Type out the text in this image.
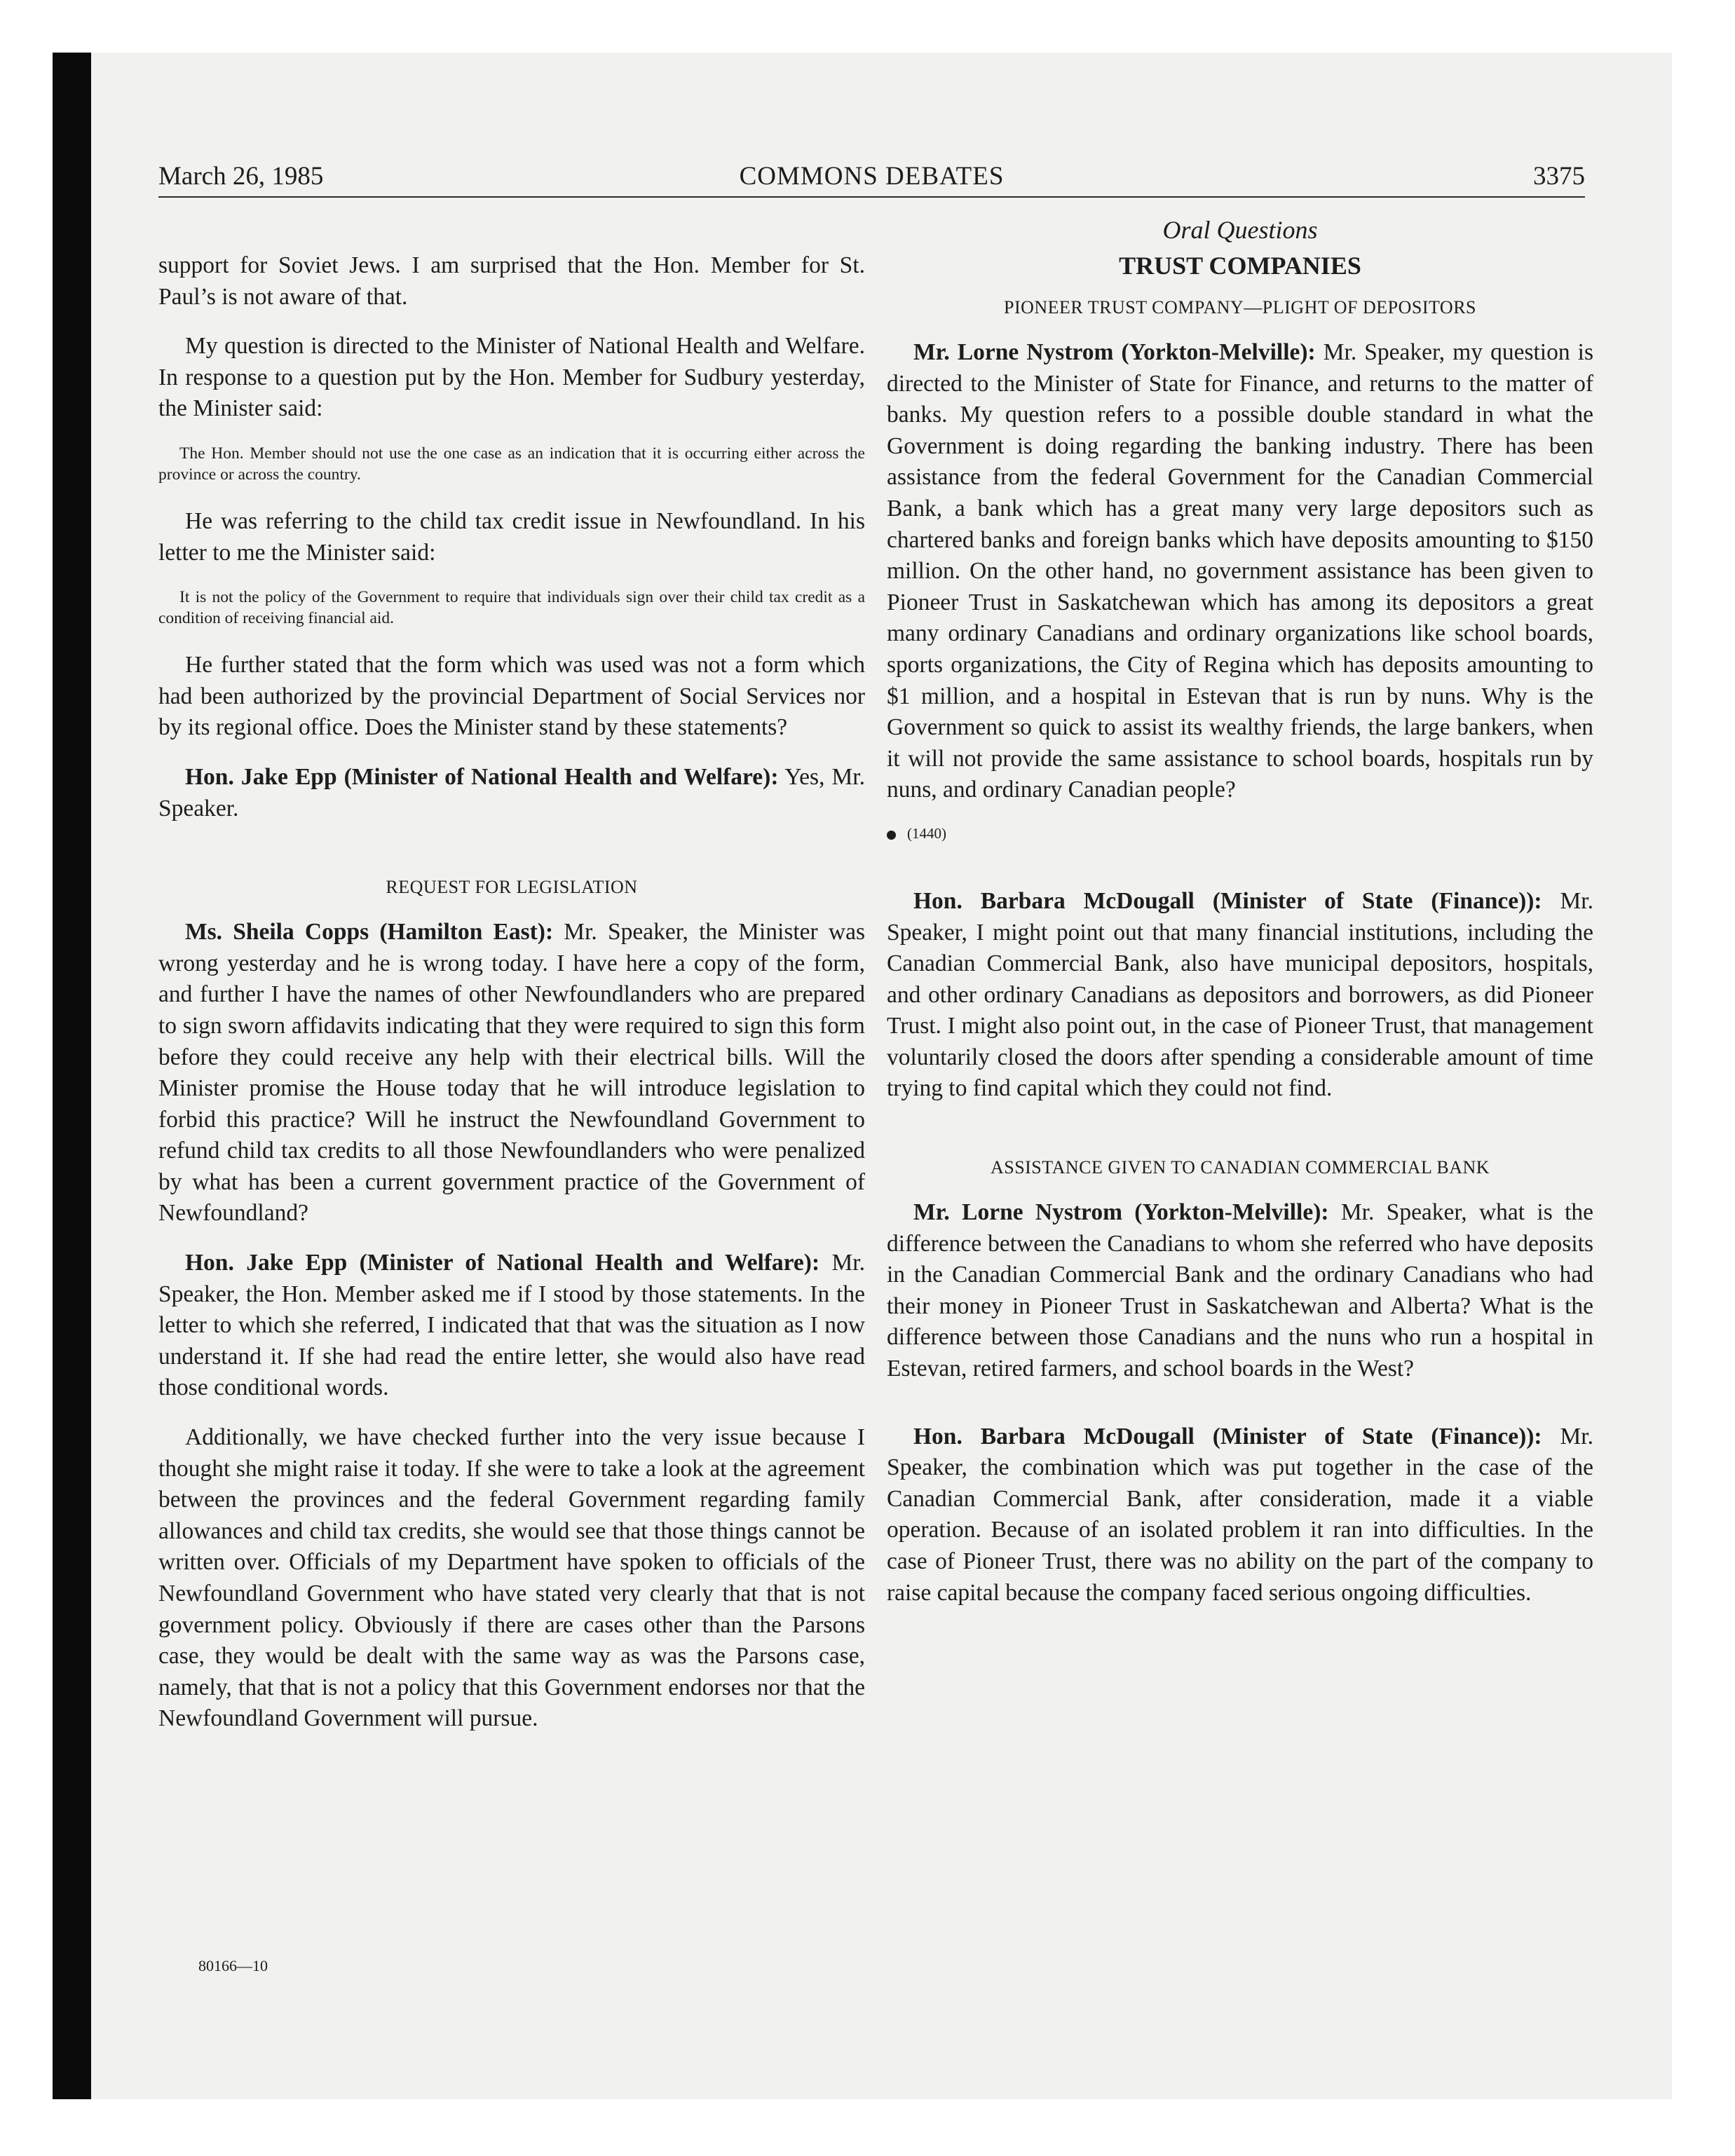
March 26, 1985	COMMONS DEBATES	3375

support for Soviet Jews. I am surprised that the Hon. Member for St. Paul’s is not aware of that.

My question is directed to the Minister of National Health and Welfare. In response to a question put by the Hon. Member for Sudbury yesterday, the Minister said:

The Hon. Member should not use the one case as an indication that it is occurring either across the province or across the country.

He was referring to the child tax credit issue in Newfoundland. In his letter to me the Minister said:

It is not the policy of the Government to require that individuals sign over their child tax credit as a condition of receiving financial aid.

He further stated that the form which was used was not a form which had been authorized by the provincial Department of Social Services nor by its regional office. Does the Minister stand by these statements?

Hon. Jake Epp (Minister of National Health and Welfare): Yes, Mr. Speaker.

REQUEST FOR LEGISLATION

Ms. Sheila Copps (Hamilton East): Mr. Speaker, the Minister was wrong yesterday and he is wrong today. I have here a copy of the form, and further I have the names of other Newfoundlanders who are prepared to sign sworn affidavits indicating that they were required to sign this form before they could receive any help with their electrical bills. Will the Minister promise the House today that he will introduce legislation to forbid this practice? Will he instruct the Newfoundland Government to refund child tax credits to all those Newfoundlanders who were penalized by what has been a current government practice of the Government of Newfoundland?

Hon. Jake Epp (Minister of National Health and Welfare): Mr. Speaker, the Hon. Member asked me if I stood by those statements. In the letter to which she referred, I indicated that that was the situation as I now understand it. If she had read the entire letter, she would also have read those conditional words.

Additionally, we have checked further into the very issue because I thought she might raise it today. If she were to take a look at the agreement between the provinces and the federal Government regarding family allowances and child tax credits, she would see that those things cannot be written over. Officials of my Department have spoken to officials of the Newfoundland Government who have stated very clearly that that is not government policy. Obviously if there are cases other than the Parsons case, they would be dealt with the same way as was the Parsons case, namely, that that is not a policy that this Government endorses nor that the Newfoundland Government will pursue.

Oral Questions

TRUST COMPANIES

PIONEER TRUST COMPANY—PLIGHT OF DEPOSITORS

Mr. Lorne Nystrom (Yorkton-Melville): Mr. Speaker, my question is directed to the Minister of State for Finance, and returns to the matter of banks. My question refers to a possible double standard in what the Government is doing regarding the banking industry. There has been assistance from the federal Government for the Canadian Commercial Bank, a bank which has a great many very large depositors such as chartered banks and foreign banks which have deposits amounting to $150 million. On the other hand, no government assistance has been given to Pioneer Trust in Saskatchewan which has among its depositors a great many ordinary Canadians and ordinary organizations like school boards, sports organizations, the City of Regina which has deposits amounting to $1 million, and a hospital in Estevan that is run by nuns. Why is the Government so quick to assist its wealthy friends, the large bankers, when it will not provide the same assistance to school boards, hospitals run by nuns, and ordinary Canadian people?

(1440)

Hon. Barbara McDougall (Minister of State (Finance)): Mr. Speaker, I might point out that many financial institutions, including the Canadian Commercial Bank, also have municipal depositors, hospitals, and other ordinary Canadians as depositors and borrowers, as did Pioneer Trust. I might also point out, in the case of Pioneer Trust, that management voluntarily closed the doors after spending a considerable amount of time trying to find capital which they could not find.

ASSISTANCE GIVEN TO CANADIAN COMMERCIAL BANK

Mr. Lorne Nystrom (Yorkton-Melville): Mr. Speaker, what is the difference between the Canadians to whom she referred who have deposits in the Canadian Commercial Bank and the ordinary Canadians who had their money in Pioneer Trust in Saskatchewan and Alberta? What is the difference between those Canadians and the nuns who run a hospital in Estevan, retired farmers, and school boards in the West?

Hon. Barbara McDougall (Minister of State (Finance)): Mr. Speaker, the combination which was put together in the case of the Canadian Commercial Bank, after consideration, made it a viable operation. Because of an isolated problem it ran into difficulties. In the case of Pioneer Trust, there was no ability on the part of the company to raise capital because the company faced serious ongoing difficulties.

80166—10
